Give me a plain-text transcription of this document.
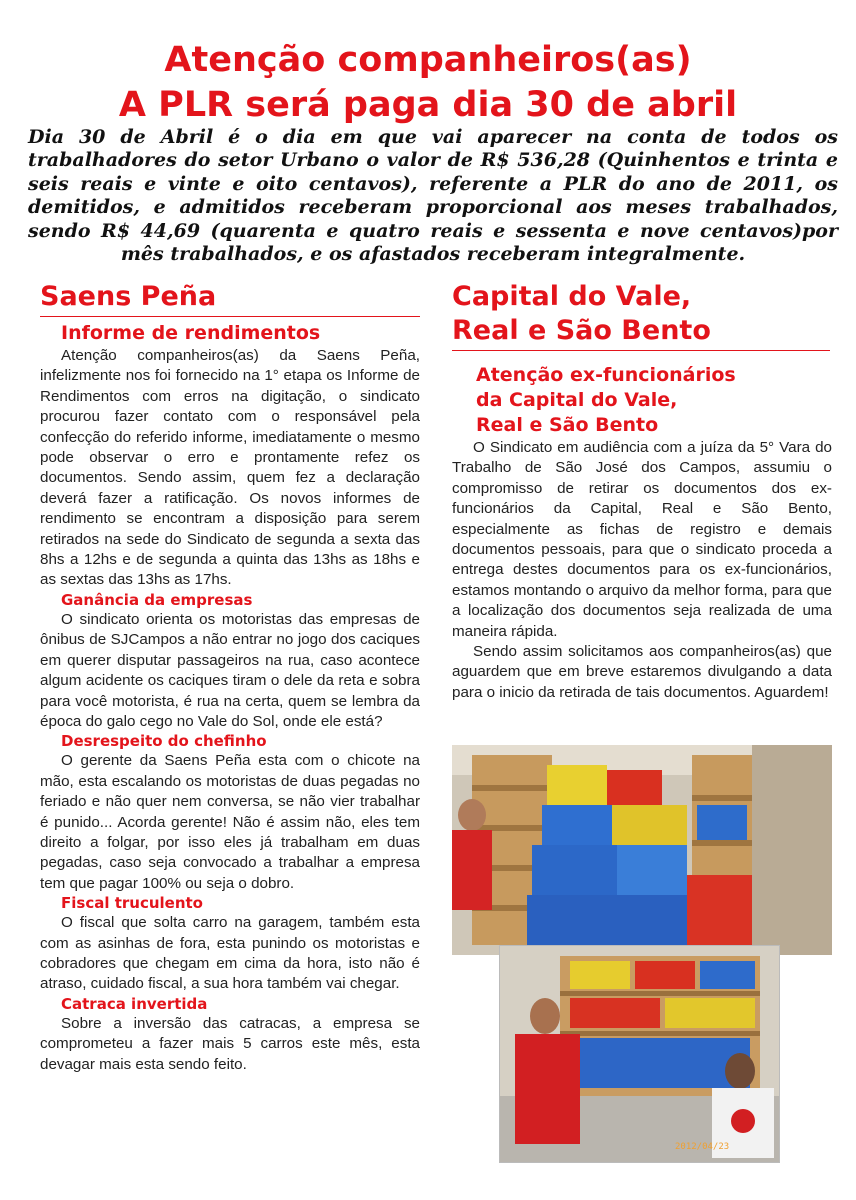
Atenção companheiros(as)
A PLR será paga dia 30 de abril

Dia 30 de Abril é o dia em que vai aparecer na conta de todos os trabalhadores do setor Urbano o valor de R$ 536,28 (Quinhentos e trinta e seis reais e vinte e oito centavos), referente a PLR do ano de 2011, os demitidos, e admitidos receberam proporcional aos meses trabalhados, sendo R$ 44,69 (quarenta e quatro reais e sessenta e nove centavos)por mês trabalhados, e os afastados receberam integralmente.

Saens Peña
Informe de rendimentos

Atenção companheiros(as) da Saens Peña, infelizmente nos foi fornecido na 1° etapa os Informe de Rendimentos com erros na digitação, o sindicato procurou fazer contato com o responsável pela confecção do referido informe, imediatamente o mesmo pode observar o erro e prontamente refez os documentos. Sendo assim, quem fez a declaração deverá fazer a ratificação. Os novos informes de rendimento se encontram a disposição para serem retirados na sede do Sindicato de segunda a sexta das 8hs a 12hs e de segunda a quinta das 13hs as 18hs e as sextas das 13hs as 17hs.

Ganância da empresas

O sindicato orienta os motoristas das empresas de ônibus de SJCampos a não entrar no jogo dos caciques em querer disputar passageiros na rua, caso acontece algum acidente os caciques tiram o dele da reta e sobra para você motorista, é rua na certa, quem se lembra da época do galo cego no Vale do Sol, onde ele está?

Desrespeito do chefinho

O gerente da Saens Peña esta com o chicote na mão, esta escalando os motoristas de duas pegadas no feriado e não quer nem conversa, se não vier trabalhar é punido... Acorda gerente! Não é assim não, eles tem direito a folgar, por isso eles já trabalham em duas pegadas, caso seja convocado a trabalhar a empresa tem que pagar 100% ou seja o dobro.

Fiscal truculento

O fiscal que solta carro na garagem, também esta com as asinhas de fora, esta punindo os motoristas e cobradores que chegam em cima da hora, isto não é atraso, cuidado fiscal, a sua hora também vai chegar.

Catraca invertida

Sobre a inversão das catracas, a empresa se comprometeu a fazer mais 5 carros este mês, esta devagar mais esta sendo feito.

Capital do Vale,
Real e São Bento
Atenção ex-funcionários
da Capital do Vale,
Real e São Bento

O Sindicato em audiência com a juíza da 5° Vara do Trabalho de São José dos Campos, assumiu o compromisso de retirar os documentos dos ex-funcionários da Capital, Real e São Bento, especialmente as fichas de registro e demais documentos pessoais, para que o sindicato proceda a entrega destes documentos para os ex-funcionários, estamos montando o arquivo da melhor forma, para que a localização dos documentos seja realizada de uma maneira rápida.

Sendo assim solicitamos aos companheiros(as) que aguardem que em breve estaremos divulgando a data para o inicio da retirada de tais documentos. Aguardem!

2012/04/23
